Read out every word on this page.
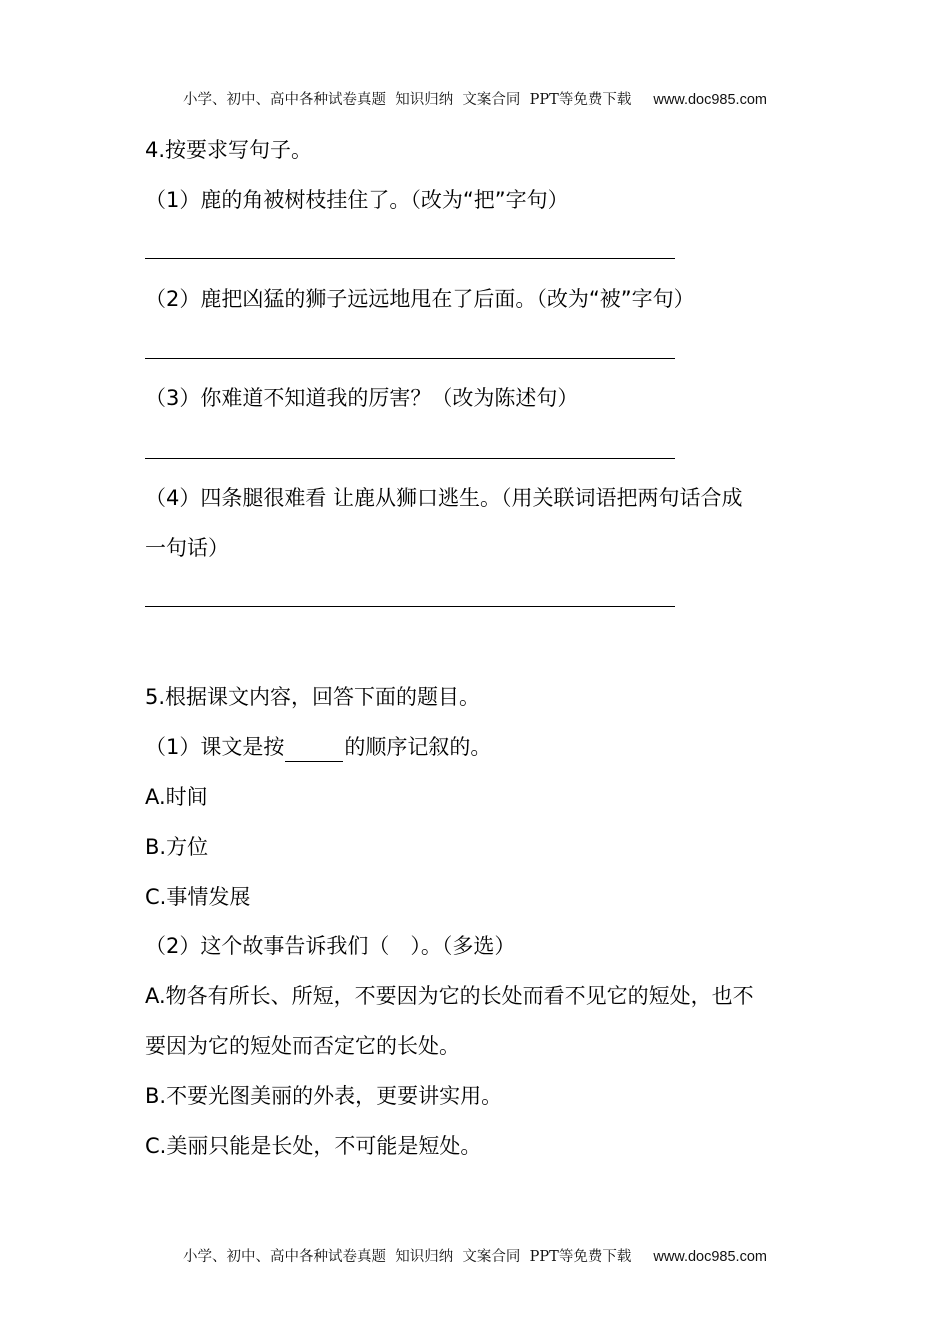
小学、初中、高中各种试卷真题  知识归纳  文案合同  PPT等免费下载 www.doc985.com
4.按要求写句子。
（1）鹿的角被树枝挂住了。（改为“把”字句）
（2）鹿把凶猛的狮子远远地甩在了后面。（改为“被”字句）
（3）你难道不知道我的厉害？（改为陈述句）
（4）四条腿很难看 让鹿从狮口逃生。（用关联词语把两句话合成
一句话）
5.根据课文内容，回答下面的题目。
（1）课文是按	的顺序记叙的。
A.时间
B.方位
C.事情发展
（2）这个故事告诉我们（　）。（多选）
A.物各有所长、所短，不要因为它的长处而看不见它的短处，也不
要因为它的短处而否定它的长处。
B.不要光图美丽的外表，更要讲实用。
C.美丽只能是长处，不可能是短处。
小学、初中、高中各种试卷真题  知识归纳  文案合同  PPT等免费下载 www.doc985.com
